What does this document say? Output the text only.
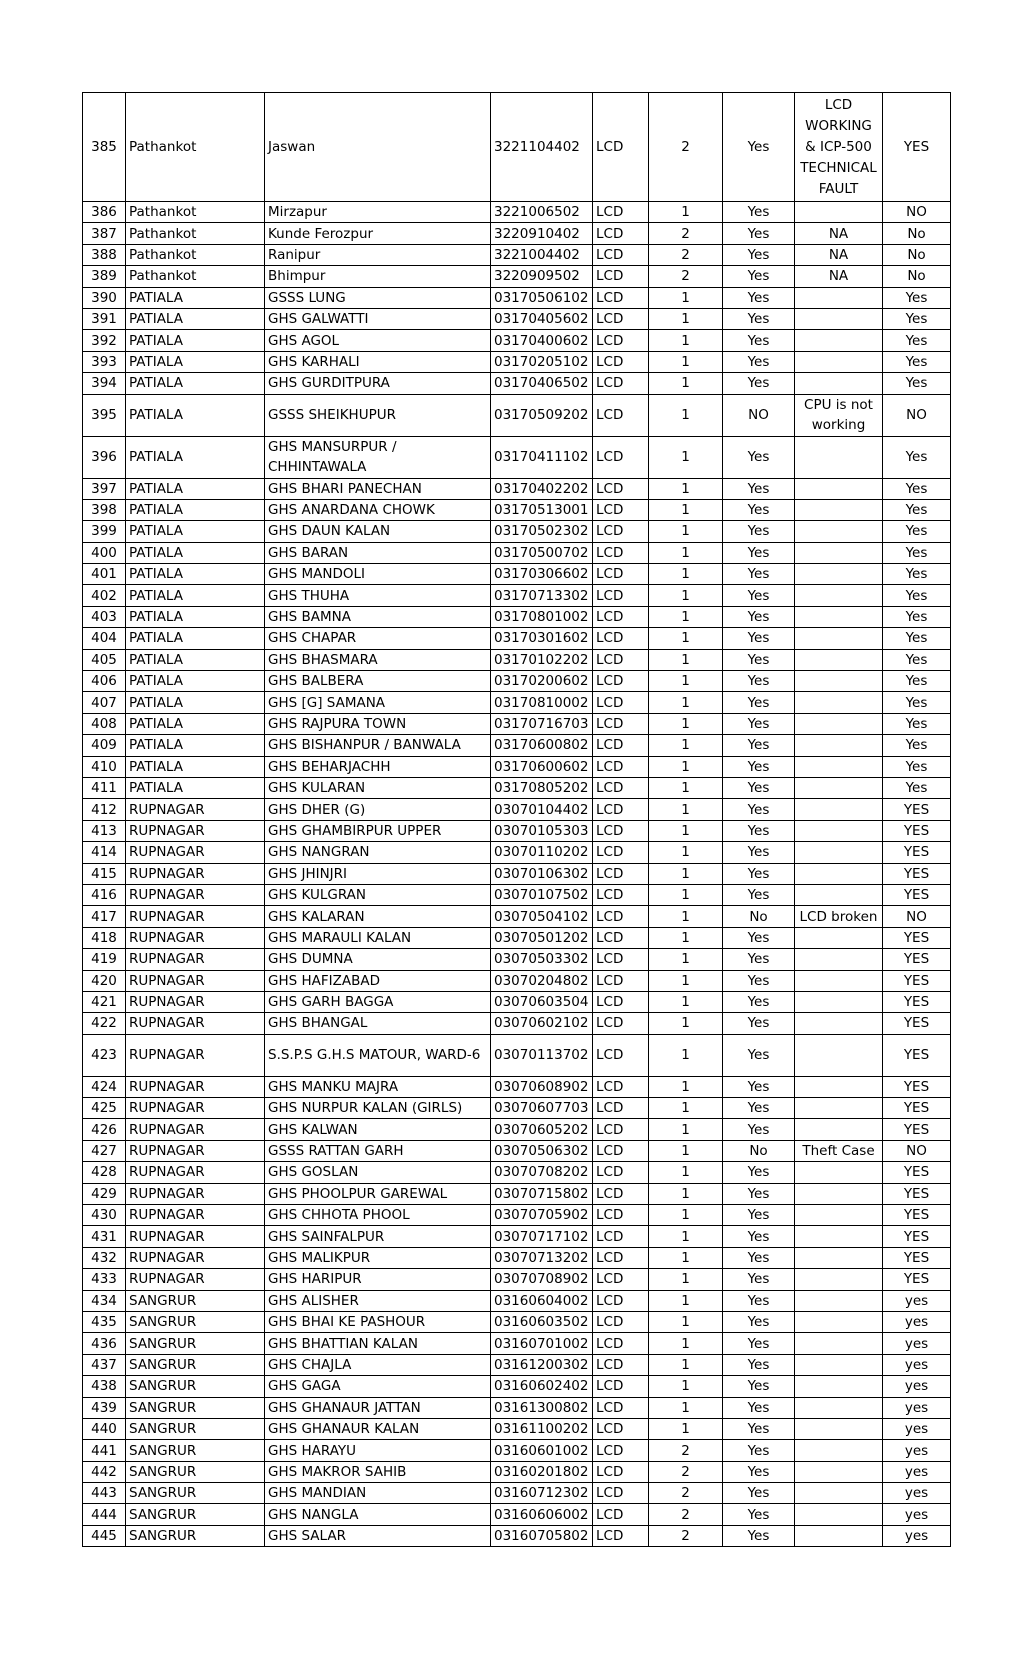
385	Pathankot	Jaswan	3221104402	LCD	2	Yes	LCD WORKING & ICP-500 TECHNICAL FAULT	YES
386	Pathankot	Mirzapur	3221006502	LCD	1	Yes		NO
387	Pathankot	Kunde Ferozpur	3220910402	LCD	2	Yes	NA	No
388	Pathankot	Ranipur	3221004402	LCD	2	Yes	NA	No
389	Pathankot	Bhimpur	3220909502	LCD	2	Yes	NA	No
390	PATIALA	GSSS LUNG	03170506102	LCD	1	Yes		Yes
391	PATIALA	GHS GALWATTI	03170405602	LCD	1	Yes		Yes
392	PATIALA	GHS AGOL	03170400602	LCD	1	Yes		Yes
393	PATIALA	GHS KARHALI	03170205102	LCD	1	Yes		Yes
394	PATIALA	GHS GURDITPURA	03170406502	LCD	1	Yes		Yes
395	PATIALA	GSSS SHEIKHUPUR	03170509202	LCD	1	NO	CPU is not working	NO
396	PATIALA	GHS MANSURPUR / CHHINTAWALA	03170411102	LCD	1	Yes		Yes
397	PATIALA	GHS BHARI PANECHAN	03170402202	LCD	1	Yes		Yes
398	PATIALA	GHS ANARDANA CHOWK	03170513001	LCD	1	Yes		Yes
399	PATIALA	GHS DAUN KALAN	03170502302	LCD	1	Yes		Yes
400	PATIALA	GHS BARAN	03170500702	LCD	1	Yes		Yes
401	PATIALA	GHS MANDOLI	03170306602	LCD	1	Yes		Yes
402	PATIALA	GHS THUHA	03170713302	LCD	1	Yes		Yes
403	PATIALA	GHS BAMNA	03170801002	LCD	1	Yes		Yes
404	PATIALA	GHS CHAPAR	03170301602	LCD	1	Yes		Yes
405	PATIALA	GHS BHASMARA	03170102202	LCD	1	Yes		Yes
406	PATIALA	GHS BALBERA	03170200602	LCD	1	Yes		Yes
407	PATIALA	GHS [G] SAMANA	03170810002	LCD	1	Yes		Yes
408	PATIALA	GHS RAJPURA TOWN	03170716703	LCD	1	Yes		Yes
409	PATIALA	GHS BISHANPUR / BANWALA	03170600802	LCD	1	Yes		Yes
410	PATIALA	GHS BEHARJACHH	03170600602	LCD	1	Yes		Yes
411	PATIALA	GHS KULARAN	03170805202	LCD	1	Yes		Yes
412	RUPNAGAR	GHS DHER (G)	03070104402	LCD	1	Yes		YES
413	RUPNAGAR	GHS GHAMBIRPUR UPPER	03070105303	LCD	1	Yes		YES
414	RUPNAGAR	GHS NANGRAN	03070110202	LCD	1	Yes		YES
415	RUPNAGAR	GHS JHINJRI	03070106302	LCD	1	Yes		YES
416	RUPNAGAR	GHS KULGRAN	03070107502	LCD	1	Yes		YES
417	RUPNAGAR	GHS KALARAN	03070504102	LCD	1	No	LCD broken	NO
418	RUPNAGAR	GHS MARAULI KALAN	03070501202	LCD	1	Yes		YES
419	RUPNAGAR	GHS DUMNA	03070503302	LCD	1	Yes		YES
420	RUPNAGAR	GHS HAFIZABAD	03070204802	LCD	1	Yes		YES
421	RUPNAGAR	GHS GARH BAGGA	03070603504	LCD	1	Yes		YES
422	RUPNAGAR	GHS BHANGAL	03070602102	LCD	1	Yes		YES
423	RUPNAGAR	S.S.P.S G.H.S MATOUR, WARD-6	03070113702	LCD	1	Yes		YES
424	RUPNAGAR	GHS MANKU MAJRA	03070608902	LCD	1	Yes		YES
425	RUPNAGAR	GHS NURPUR KALAN (GIRLS)	03070607703	LCD	1	Yes		YES
426	RUPNAGAR	GHS KALWAN	03070605202	LCD	1	Yes		YES
427	RUPNAGAR	GSSS RATTAN GARH	03070506302	LCD	1	No	Theft Case	NO
428	RUPNAGAR	GHS GOSLAN	03070708202	LCD	1	Yes		YES
429	RUPNAGAR	GHS PHOOLPUR GAREWAL	03070715802	LCD	1	Yes		YES
430	RUPNAGAR	GHS CHHOTA PHOOL	03070705902	LCD	1	Yes		YES
431	RUPNAGAR	GHS SAINFALPUR	03070717102	LCD	1	Yes		YES
432	RUPNAGAR	GHS MALIKPUR	03070713202	LCD	1	Yes		YES
433	RUPNAGAR	GHS HARIPUR	03070708902	LCD	1	Yes		YES
434	SANGRUR	GHS ALISHER	03160604002	LCD	1	Yes		yes
435	SANGRUR	GHS BHAI KE PASHOUR	03160603502	LCD	1	Yes		yes
436	SANGRUR	GHS BHATTIAN KALAN	03160701002	LCD	1	Yes		yes
437	SANGRUR	GHS CHAJLA	03161200302	LCD	1	Yes		yes
438	SANGRUR	GHS GAGA	03160602402	LCD	1	Yes		yes
439	SANGRUR	GHS GHANAUR JATTAN	03161300802	LCD	1	Yes		yes
440	SANGRUR	GHS GHANAUR KALAN	03161100202	LCD	1	Yes		yes
441	SANGRUR	GHS HARAYU	03160601002	LCD	2	Yes		yes
442	SANGRUR	GHS MAKROR SAHIB	03160201802	LCD	2	Yes		yes
443	SANGRUR	GHS MANDIAN	03160712302	LCD	2	Yes		yes
444	SANGRUR	GHS NANGLA	03160606002	LCD	2	Yes		yes
445	SANGRUR	GHS SALAR	03160705802	LCD	2	Yes		yes
